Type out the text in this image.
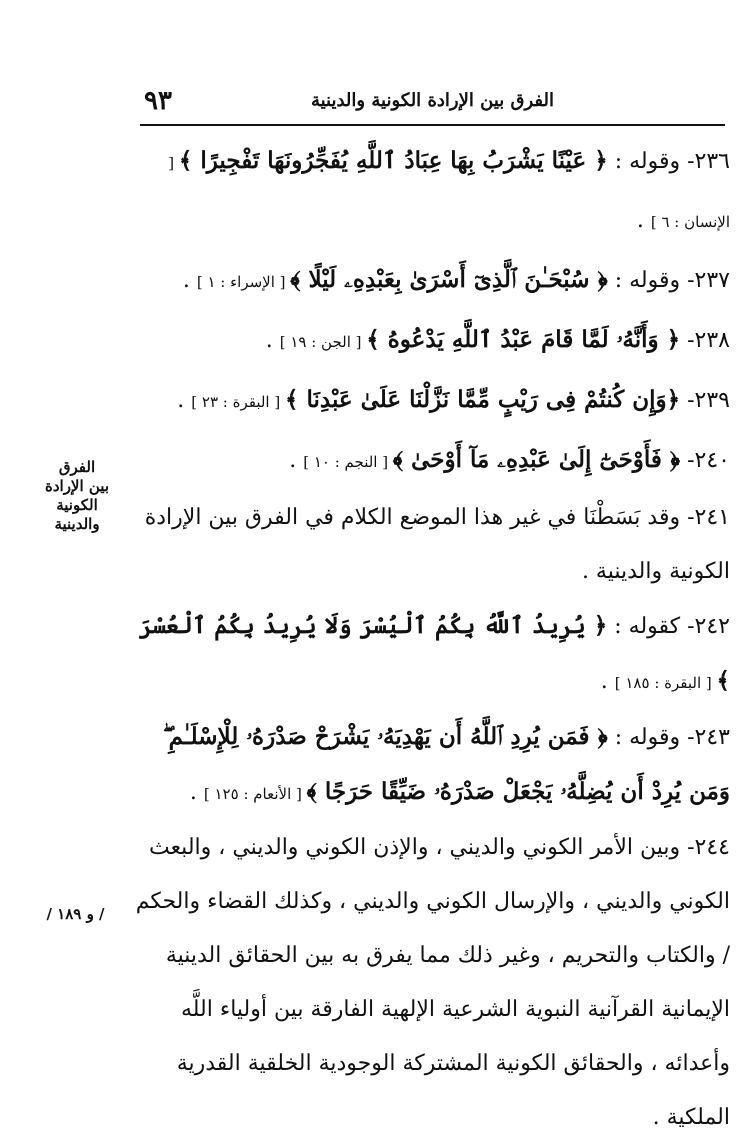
الفرق بين الإرادة الكونية والدينية
٩٣

٢٣٦- وقوله : ﴿ عَيْنًا يَشْرَبُ بِهَا عِبَادُ ٱللَّهِ يُفَجِّرُونَهَا تَفْجِيرًا ﴾ [ الإنسان : ٦ ] .

٢٣٧- وقوله : ﴿ سُبْحَـٰنَ ٱلَّذِىٓ أَسْرَىٰ بِعَبْدِهِۦ لَيْلًا ﴾ [ الإسراء : ١ ] .

٢٣٨- ﴿ وَأَنَّهُۥ لَمَّا قَامَ عَبْدُ ٱللَّهِ يَدْعُوهُ ﴾ [ الجن : ١٩ ] .

٢٣٩- ﴿وَإِن كُنتُمْ فِى رَيْبٍ مِّمَّا نَزَّلْنَا عَلَىٰ عَبْدِنَا ﴾ [ البقرة : ٢٣ ] .

٢٤٠- ﴿ فَأَوْحَىٰٓ إِلَىٰ عَبْدِهِۦ مَآ أَوْحَىٰ ﴾ [ النجم : ١٠ ] .

٢٤١- وقد بَسَطْنَا في غير هذا الموضع الكلام في الفرق بين الإرادة الكونية والدينية .

٢٤٢- كقوله : ﴿ يُرِيدُ ٱللَّهُ بِكُمُ ٱلْيُسْرَ وَلَا يُرِيدُ بِكُمُ ٱلْعُسْرَ ﴾ [ البقرة : ١٨٥ ] .

٢٤٣- وقوله : ﴿ فَمَن يُرِدِ ٱللَّهُ أَن يَهْدِيَهُۥ يَشْرَحْ صَدْرَهُۥ لِلْإِسْلَـٰمِ ۖ وَمَن يُرِدْ أَن يُضِلَّهُۥ يَجْعَلْ صَدْرَهُۥ ضَيِّقًا حَرَجًا ﴾ [ الأنعام : ١٢٥ ] .

٢٤٤- وبين الأمر الكوني والديني ، والإذن الكوني والديني ، والبعث الكوني والديني ، والإرسال الكوني والديني ، وكذلك القضاء والحكم / والكتاب والتحريم ، وغير ذلك مما يفرق به بين الحقائق الدينية الإيمانية القرآنية النبوية الشرعية الإلهية الفارقة بين أولياء اللَّه وأعدائه ، والحقائق الكونية المشتركة الوجودية الخلقية القدرية الملكية .

الفرق
بين الإرادة
الكونية
والدينية
/ و ١٨٩ /
